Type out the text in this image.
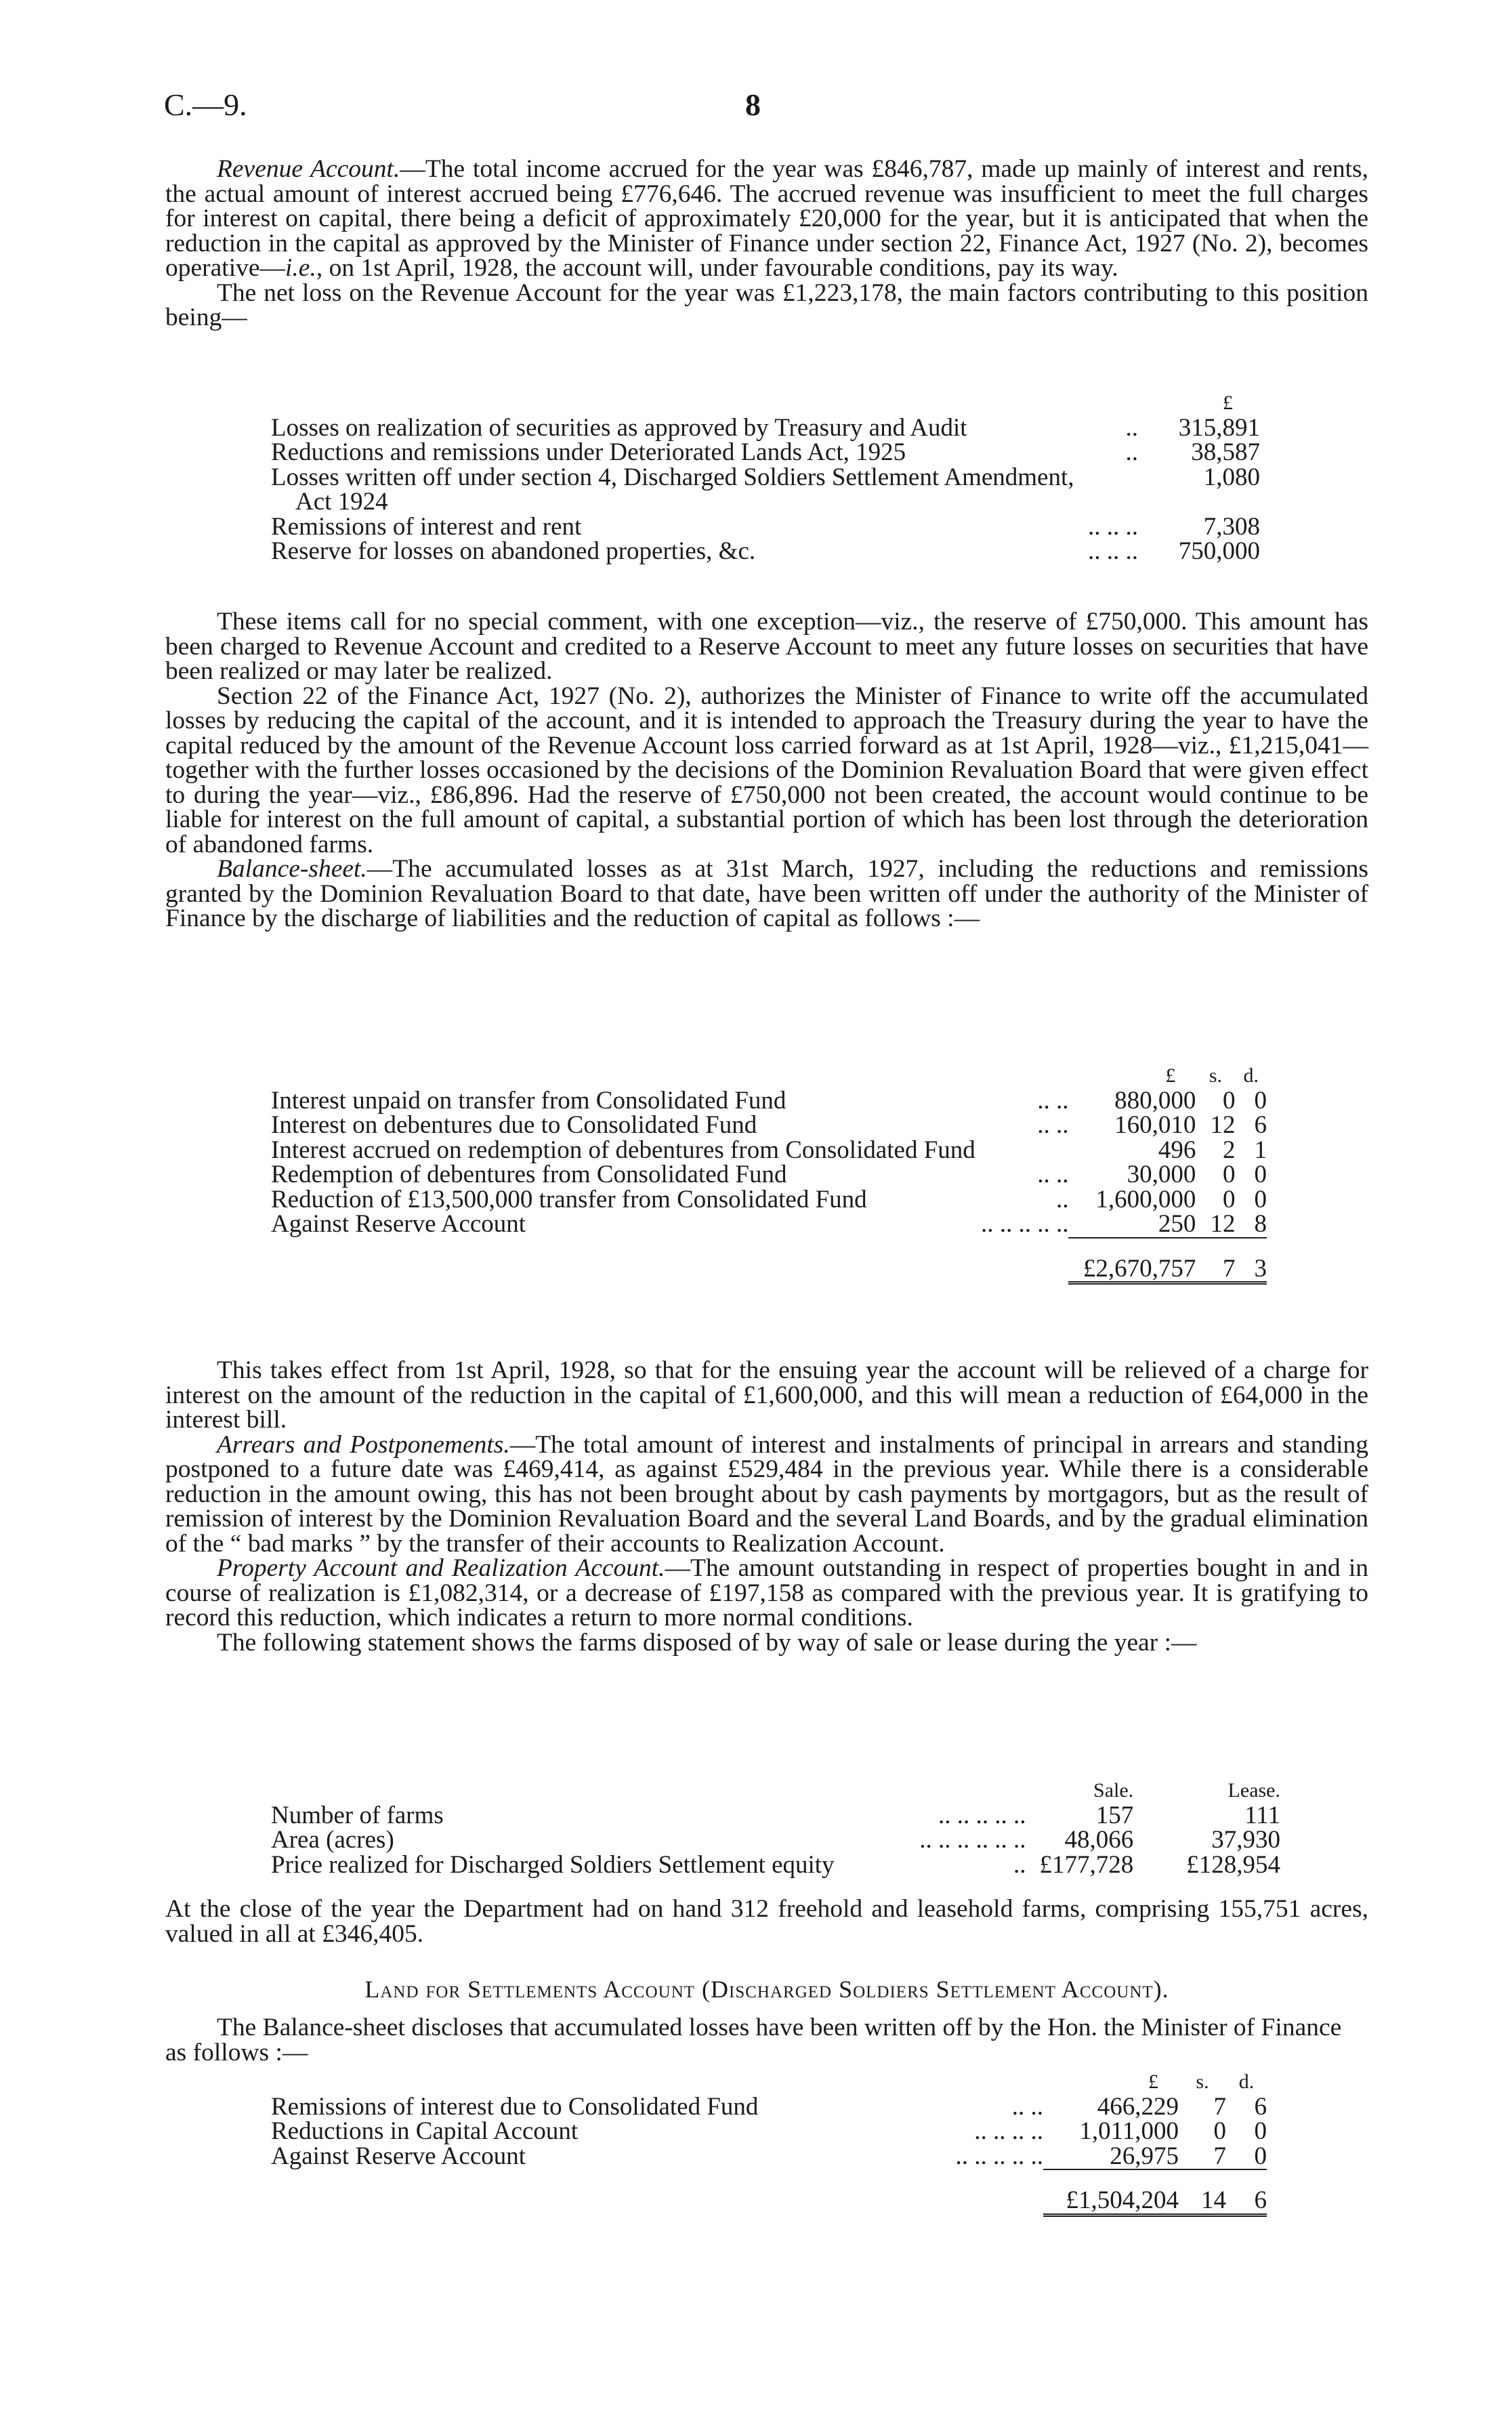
C.—9.	8

Revenue Account.—The total income accrued for the year was £846,787, made up mainly of interest and rents, the actual amount of interest accrued being £776,646. The accrued revenue was insufficient to meet the full charges for interest on capital, there being a deficit of approximately £20,000 for the year, but it is anticipated that when the reduction in the capital as approved by the Minister of Finance under section 22, Finance Act, 1927 (No. 2), becomes operative—i.e., on 1st April, 1928, the account will, under favourable conditions, pay its way.

The net loss on the Revenue Account for the year was £1,223,178, the main factors contributing to this position being—

		£
Losses on realization of securities as approved by Treasury and Audit	..	315,891
Reductions and remissions under Deteriorated Lands Act, 1925	..	38,587

Losses written off under section 4, Discharged Soldiers Settlement Amendment, Act 1924		1,080
Remissions of interest and rent	.. .. ..	7,308
Reserve for losses on abandoned properties, &c.	.. .. ..	750,000

These items call for no special comment, with one exception—viz., the reserve of £750,000. This amount has been charged to Revenue Account and credited to a Reserve Account to meet any future losses on securities that have been realized or may later be realized.

Section 22 of the Finance Act, 1927 (No. 2), authorizes the Minister of Finance to write off the accumulated losses by reducing the capital of the account, and it is intended to approach the Treasury during the year to have the capital reduced by the amount of the Revenue Account loss carried forward as at 1st April, 1928—viz., £1,215,041—together with the further losses occasioned by the decisions of the Dominion Revaluation Board that were given effect to during the year—viz., £86,896. Had the reserve of £750,000 not been created, the account would continue to be liable for interest on the full amount of capital, a substantial portion of which has been lost through the deterioration of abandoned farms.

Balance-sheet.—The accumulated losses as at 31st March, 1927, including the reductions and remissions granted by the Dominion Revaluation Board to that date, have been written off under the authority of the Minister of Finance by the discharge of liabilities and the reduction of capital as follows :—

		£	s.	d.
Interest unpaid on transfer from Consolidated Fund	.. ..	880,000	0	0
Interest on debentures due to Consolidated Fund	.. ..	160,010	12	6

Interest accrued on redemption of debentures from Consolidated Fund		496	2	1
Redemption of debentures from Consolidated Fund	.. ..	30,000	0	0
Reduction of £13,500,000 transfer from Consolidated Fund	..	1,600,000	0	0
Against Reserve Account	.. .. .. .. ..	250	12	8

		£2,670,757	7	3

This takes effect from 1st April, 1928, so that for the ensuing year the account will be relieved of a charge for interest on the amount of the reduction in the capital of £1,600,000, and this will mean a reduction of £64,000 in the interest bill.

Arrears and Postponements.—The total amount of interest and instalments of principal in arrears and standing postponed to a future date was £469,414, as against £529,484 in the previous year. While there is a considerable reduction in the amount owing, this has not been brought about by cash payments by mortgagors, but as the result of remission of interest by the Dominion Revaluation Board and the several Land Boards, and by the gradual elimination of the “ bad marks ” by the transfer of their accounts to Realization Account.

Property Account and Realization Account.—The amount outstanding in respect of properties bought in and in course of realization is £1,082,314, or a decrease of £197,158 as compared with the previous year. It is gratifying to record this reduction, which indicates a return to more normal conditions.

The following statement shows the farms disposed of by way of sale or lease during the year :—

		Sale.	Lease.
Number of farms	.. .. .. .. ..	157	111
Area (acres)	.. .. .. .. .. ..	48,066	37,930
Price realized for Discharged Soldiers Settlement equity	..	£177,728	£128,954

At the close of the year the Department had on hand 312 freehold and leasehold farms, comprising 155,751 acres, valued in all at £346,405.

Land for Settlements Account (Discharged Soldiers Settlement Account).

The Balance-sheet discloses that accumulated losses have been written off by the Hon. the Minister of Finance as follows :—

		£	s.	d.
Remissions of interest due to Consolidated Fund	.. ..	466,229	7	6
Reductions in Capital Account	.. .. .. ..	1,011,000	0	0
Against Reserve Account	.. .. .. .. ..	26,975	7	0

		£1,504,204	14	6
